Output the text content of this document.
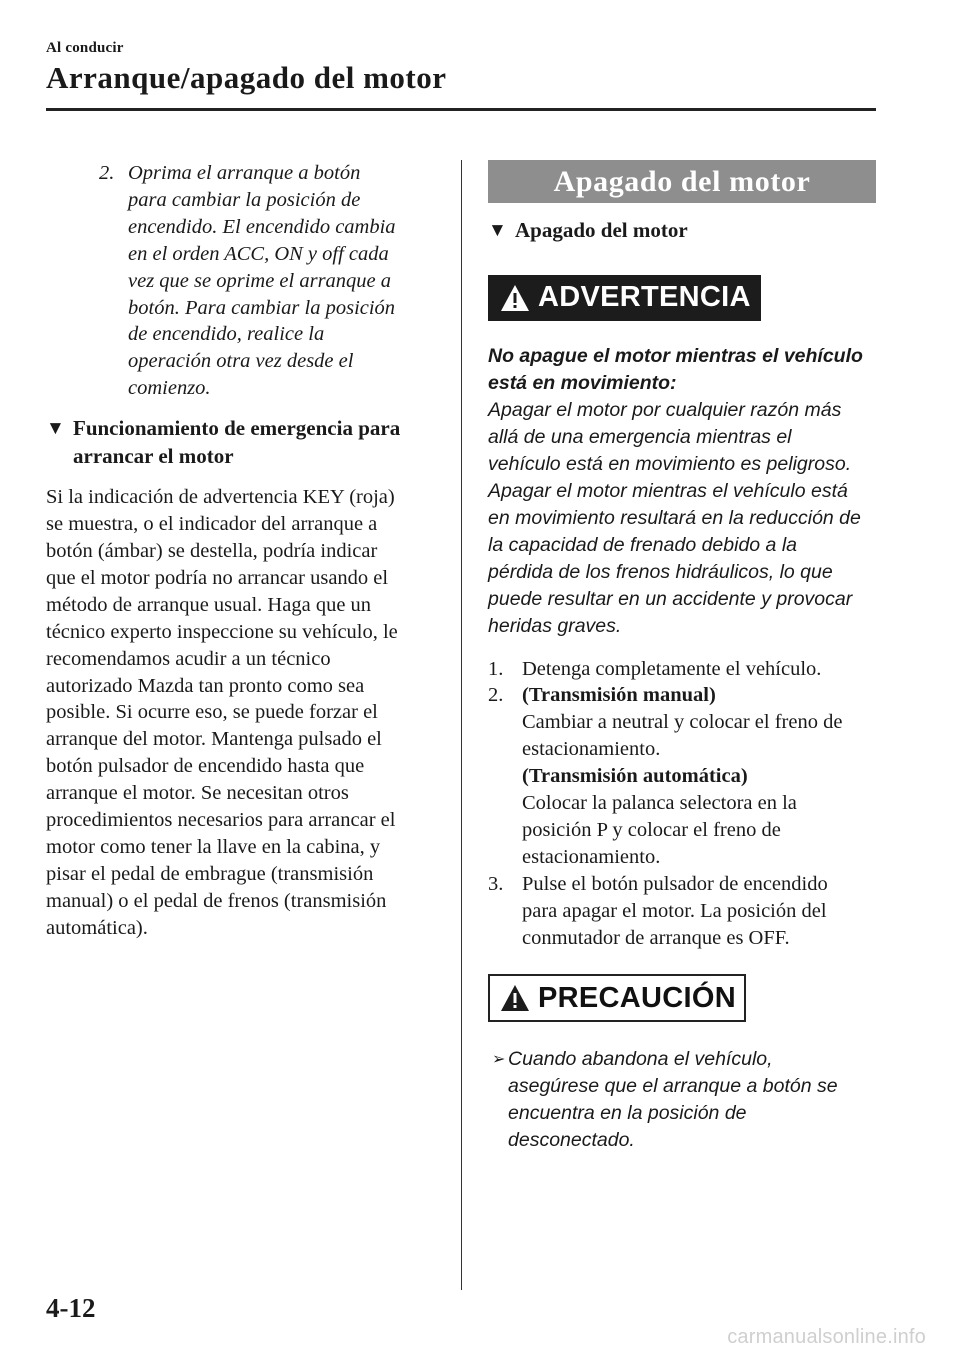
Al conducir
Arranque/apagado del motor
2. Oprima el arranque a botón
para cambiar la posición de
encendido. El encendido cambia
en el orden ACC, ON y off cada
vez que se oprime el arranque a
botón. Para cambiar la posición
de encendido, realice la
operación otra vez desde el
comienzo.
▼ Funcionamiento de emergencia para
arrancar el motor
Si la indicación de advertencia KEY (roja)
se muestra, o el indicador del arranque a
botón (ámbar) se destella, podría indicar
que el motor podría no arrancar usando el
método de arranque usual. Haga que un
técnico experto inspeccione su vehículo, le
recomendamos acudir a un técnico
autorizado Mazda tan pronto como sea
posible. Si ocurre eso, se puede forzar el
arranque del motor. Mantenga pulsado el
botón pulsador de encendido hasta que
arranque el motor. Se necesitan otros
procedimientos necesarios para arrancar el
motor como tener la llave en la cabina, y
pisar el pedal de embrague (transmisión
manual) o el pedal de frenos (transmisión
automática).
Apagado del motor
▼ Apagado del motor
ADVERTENCIA
No apague el motor mientras el vehículo
está en movimiento:
Apagar el motor por cualquier razón más
allá de una emergencia mientras el
vehículo está en movimiento es peligroso.
Apagar el motor mientras el vehículo está
en movimiento resultará en la reducción de
la capacidad de frenado debido a la
pérdida de los frenos hidráulicos, lo que
puede resultar en un accidente y provocar
heridas graves.
1. Detenga completamente el vehículo.
2. (Transmisión manual)
Cambiar a neutral y colocar el freno de
estacionamiento.
(Transmisión automática)
Colocar la palanca selectora en la
posición P y colocar el freno de
estacionamiento.
3. Pulse el botón pulsador de encendido
para apagar el motor. La posición del
conmutador de arranque es OFF.
PRECAUCIÓN
➢ Cuando abandona el vehículo,
asegúrese que el arranque a botón se
encuentra en la posición de
desconectado.
4-12
carmanualsonline.info
